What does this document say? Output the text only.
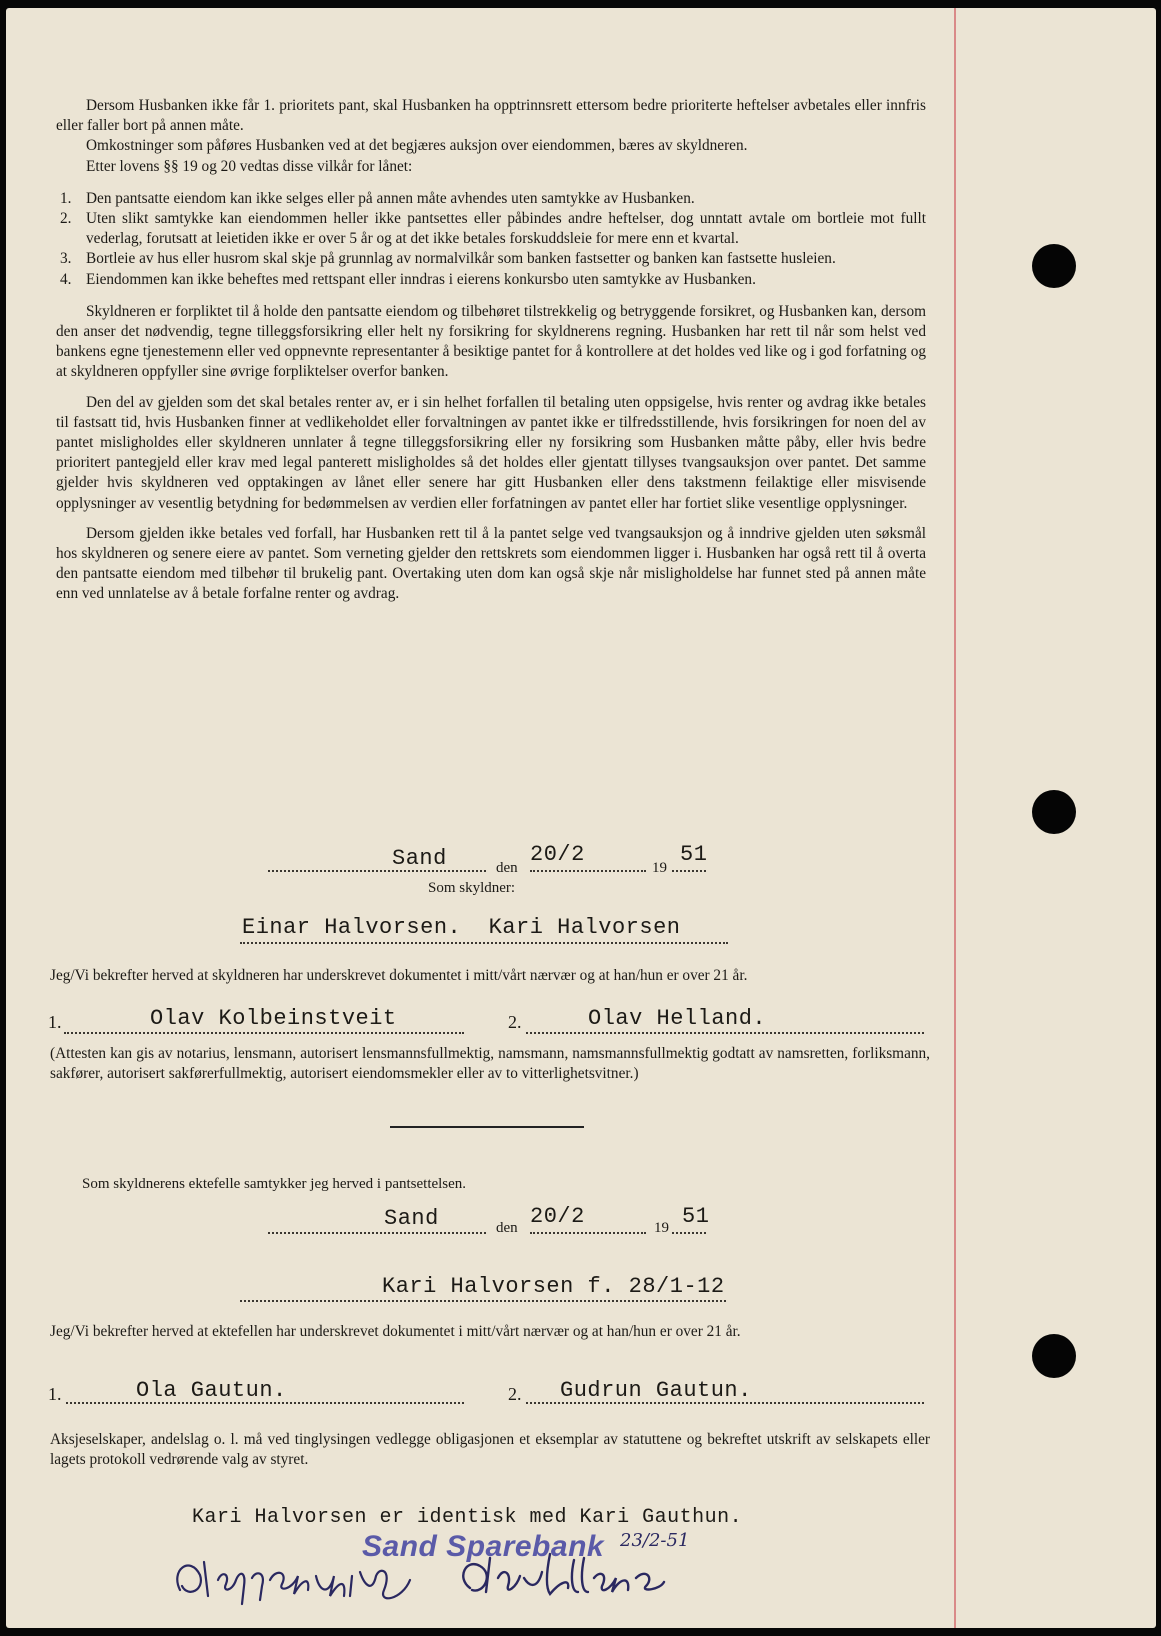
Dersom Husbanken ikke får 1. prioritets pant, skal Husbanken ha opptrinnsrett ettersom bedre prioriterte heftelser avbetales eller innfris eller faller bort på annen måte.

Omkostninger som påføres Husbanken ved at det begjæres auksjon over eiendommen, bæres av skyldneren.

Etter lovens §§ 19 og 20 vedtas disse vilkår for lånet:

1. Den pantsatte eiendom kan ikke selges eller på annen måte avhendes uten samtykke av Husbanken.
2. Uten slikt samtykke kan eiendommen heller ikke pantsettes eller påbindes andre heftelser, dog unntatt avtale om bortleie mot fullt vederlag, forutsatt at leietiden ikke er over 5 år og at det ikke betales forskuddsleie for mere enn et kvartal.
3. Bortleie av hus eller husrom skal skje på grunnlag av normalvilkår som banken fastsetter og banken kan fastsette husleien.
4. Eiendommen kan ikke beheftes med rettspant eller inndras i eierens konkursbo uten samtykke av Husbanken.

Skyldneren er forpliktet til å holde den pantsatte eiendom og tilbehøret tilstrekkelig og betryggende forsikret, og Husbanken kan, dersom den anser det nødvendig, tegne tilleggsforsikring eller helt ny forsikring for skyldnerens regning. Husbanken har rett til når som helst ved bankens egne tjenestemenn eller ved oppnevnte representanter å besiktige pantet for å kontrollere at det holdes ved like og i god forfatning og at skyldneren oppfyller sine øvrige forpliktelser overfor banken.

Den del av gjelden som det skal betales renter av, er i sin helhet forfallen til betaling uten oppsigelse, hvis renter og avdrag ikke betales til fastsatt tid, hvis Husbanken finner at vedlikeholdet eller forvaltningen av pantet ikke er tilfredsstillende, hvis forsikringen for noen del av pantet misligholdes eller skyldneren unnlater å tegne tilleggsforsikring eller ny forsikring som Husbanken måtte påby, eller hvis bedre prioritert pantegjeld eller krav med legal panterett misligholdes så det holdes eller gjentatt tillyses tvangsauksjon over pantet. Det samme gjelder hvis skyldneren ved opptakingen av lånet eller senere har gitt Husbanken eller dens takstmenn feilaktige eller misvisende opplysninger av vesentlig betydning for bedømmelsen av verdien eller forfatningen av pantet eller har fortiet slike vesentlige opplysninger.

Dersom gjelden ikke betales ved forfall, har Husbanken rett til å la pantet selge ved tvangsauksjon og å inndrive gjelden uten søksmål hos skyldneren og senere eiere av pantet. Som verneting gjelder den rettskrets som eiendommen ligger i. Husbanken har også rett til å overta den pantsatte eiendom med tilbehør til brukelig pant. Overtaking uten dom kan også skje når misligholdelse har funnet sted på annen måte enn ved unnlatelse av å betale forfalne renter og avdrag.

Sand	den
20/2
19
51
Som skyldner:
Einar Halvorsen.  Kari Halvorsen
Jeg/Vi bekrefter herved at skyldneren har underskrevet dokumentet i mitt/vårt nærvær og at han/hun er over 21 år.
1.	Olav Kolbeinstveit	2.	Olav Helland.
(Attesten kan gis av notarius, lensmann, autorisert lensmannsfullmektig, namsmann, namsmannsfullmektig godtatt av namsretten, forliksmann, sakfører, autorisert sakførerfullmektig, autorisert eiendomsmekler eller av to vitterlighetsvitner.)
Som skyldnerens ektefelle samtykker jeg herved i pantsettelsen.
Sand	den 20/2	19 51
Kari Halvorsen f. 28/1-12
Jeg/Vi bekrefter herved at ektefellen har underskrevet dokumentet i mitt/vårt nærvær og at han/hun er over 21 år.
1.	Ola Gautun.	2. Gudrun Gautun.
Aksjeselskaper, andelslag o. l. må ved tinglysingen vedlegge obligasjonen et eksemplar av statuttene og bekreftet utskrift av selskapets eller lagets protokoll vedrørende valg av styret.
Kari Halvorsen er identisk med Kari Gauthun.
Sand Sparebank 23/2-51
